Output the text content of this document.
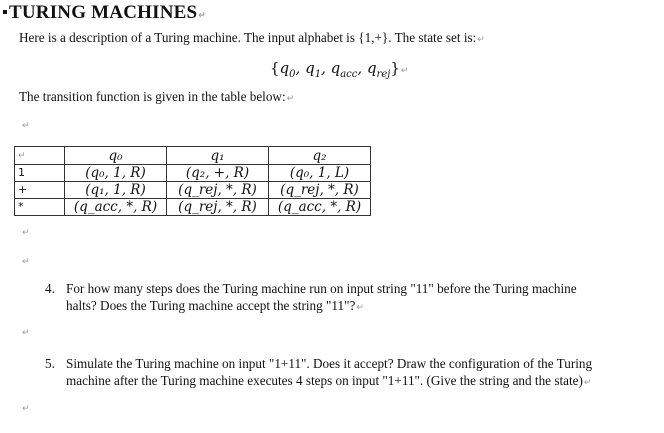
TURING MACHINES↵
Here is a description of a Turing machine. The input alphabet is {1,+}. The state set is:↵
{$q_0$, $q_1$, $q_{acc}$, $q_{rej}\}↵$
The transition function is given in the table below:↵
↵
↵	q₀	q₁	q₂
1	(q₀, 1, R)	(q₂, +, R)	(q₀, 1, L)
+	(q₁, 1, R)	(q_rej, *, R)	(q_rej, *, R)
*	(q_acc, *, R)	(q_rej, *, R)	(q_acc, *, R)
↵
↵
4. For how many steps does the Turing machine run on input string "11" before the Turing machine
halts? Does the Turing machine accept the string "11"?↵
↵
5. Simulate the Turing machine on input "1+11". Does it accept? Draw the configuration of the Turing
machine after the Turing machine executes 4 steps on input "1+11". (Give the string and the state)↵
↵
